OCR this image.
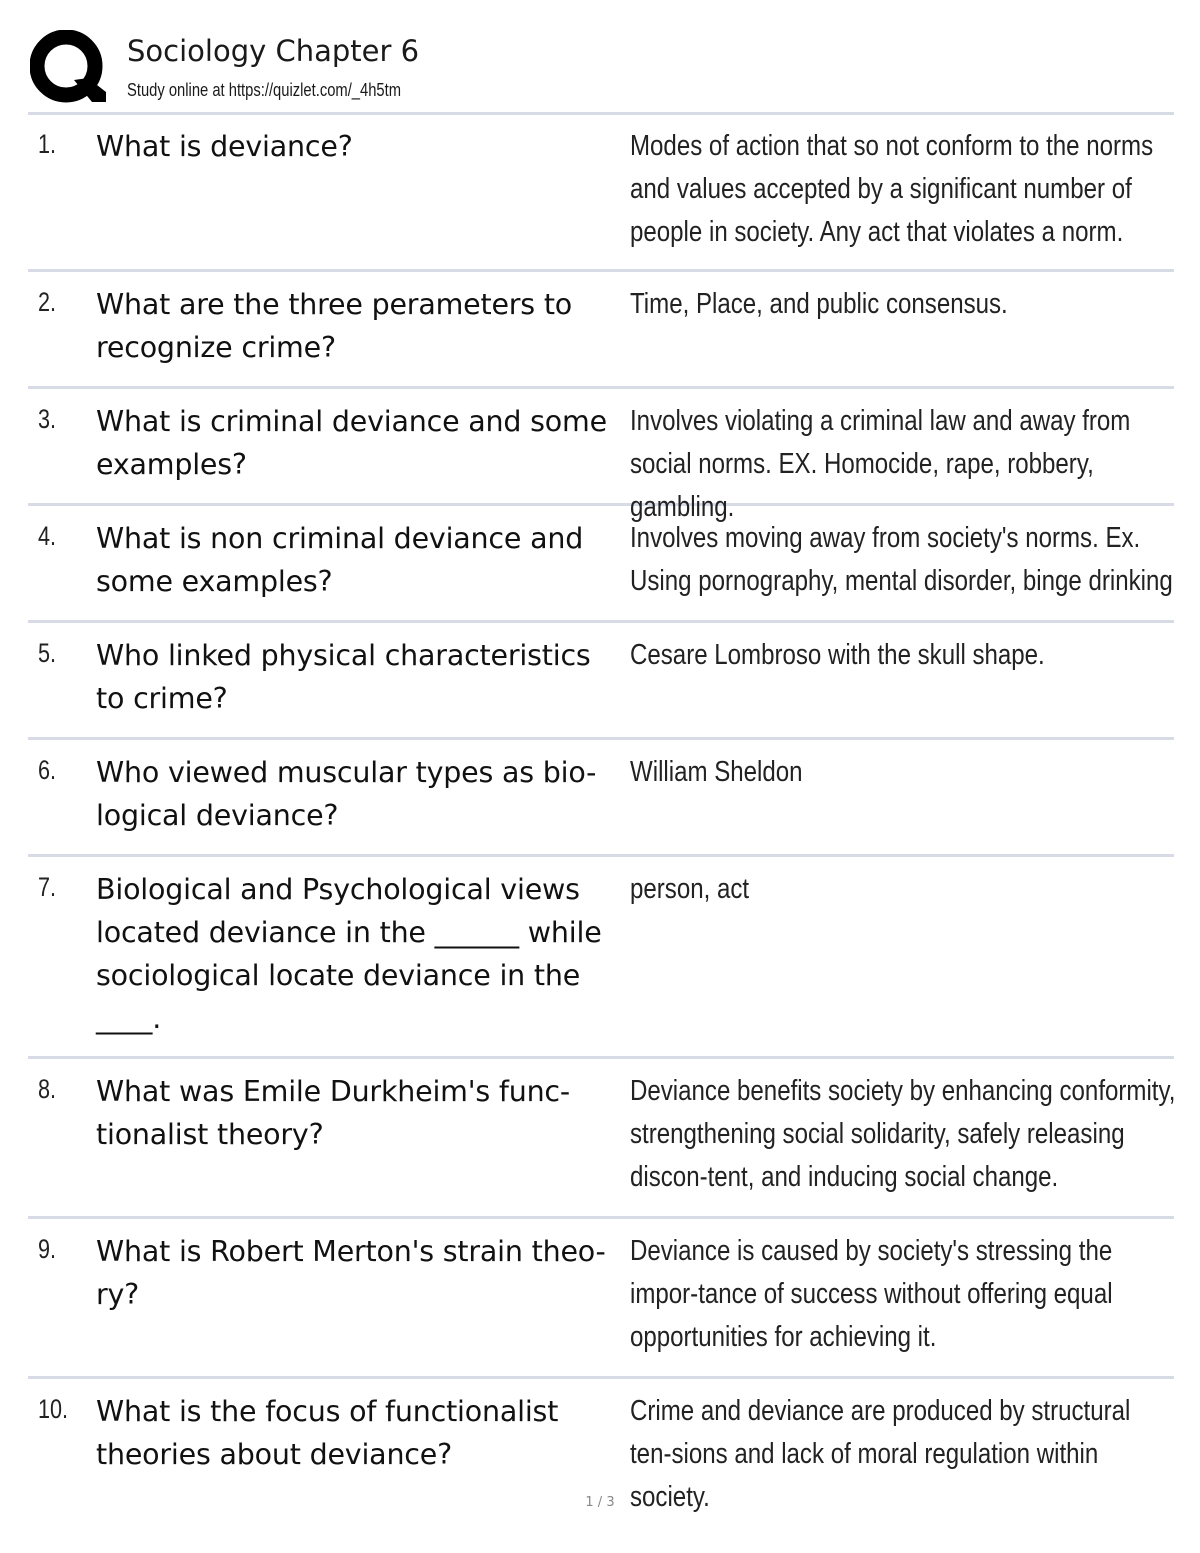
Sociology Chapter 6
Study online at https://quizlet.com/_4h5tm
1. What is deviance?	Modes of action that so not conform to the norms and values accepted by a significant number of people in society. Any act that violates a norm.
2. What are the three perameters to recognize crime?
Time, Place, and public consensus.
3. What is criminal deviance and some examples?
Involves violating a criminal law and away from social norms. EX. Homocide, rape, robbery, gambling.
4. What is non criminal deviance and some examples?
Involves moving away from society's norms. Ex. Using pornography, mental disorder, binge drinking
5. Who linked physical characteristics to crime?
Cesare Lombroso with the skull shape.
6. Who viewed muscular types as bio-logical deviance?
William Sheldon
7. Biological and Psychological views located deviance in the ______ while sociological locate deviance in the ____.
person, act
8. What was Emile Durkheim's func-tionalist theory?
Deviance benefits society by enhancing conformity, strengthening social solidarity, safely releasing discon-tent, and inducing social change.
9. What is Robert Merton's strain theo-ry?
Deviance is caused by society's stressing the impor-tance of success without offering equal opportunities for achieving it.
10. What is the focus of functionalist theories about deviance?
Crime and deviance are produced by structural ten-sions and lack of moral regulation within society.
1 / 3
